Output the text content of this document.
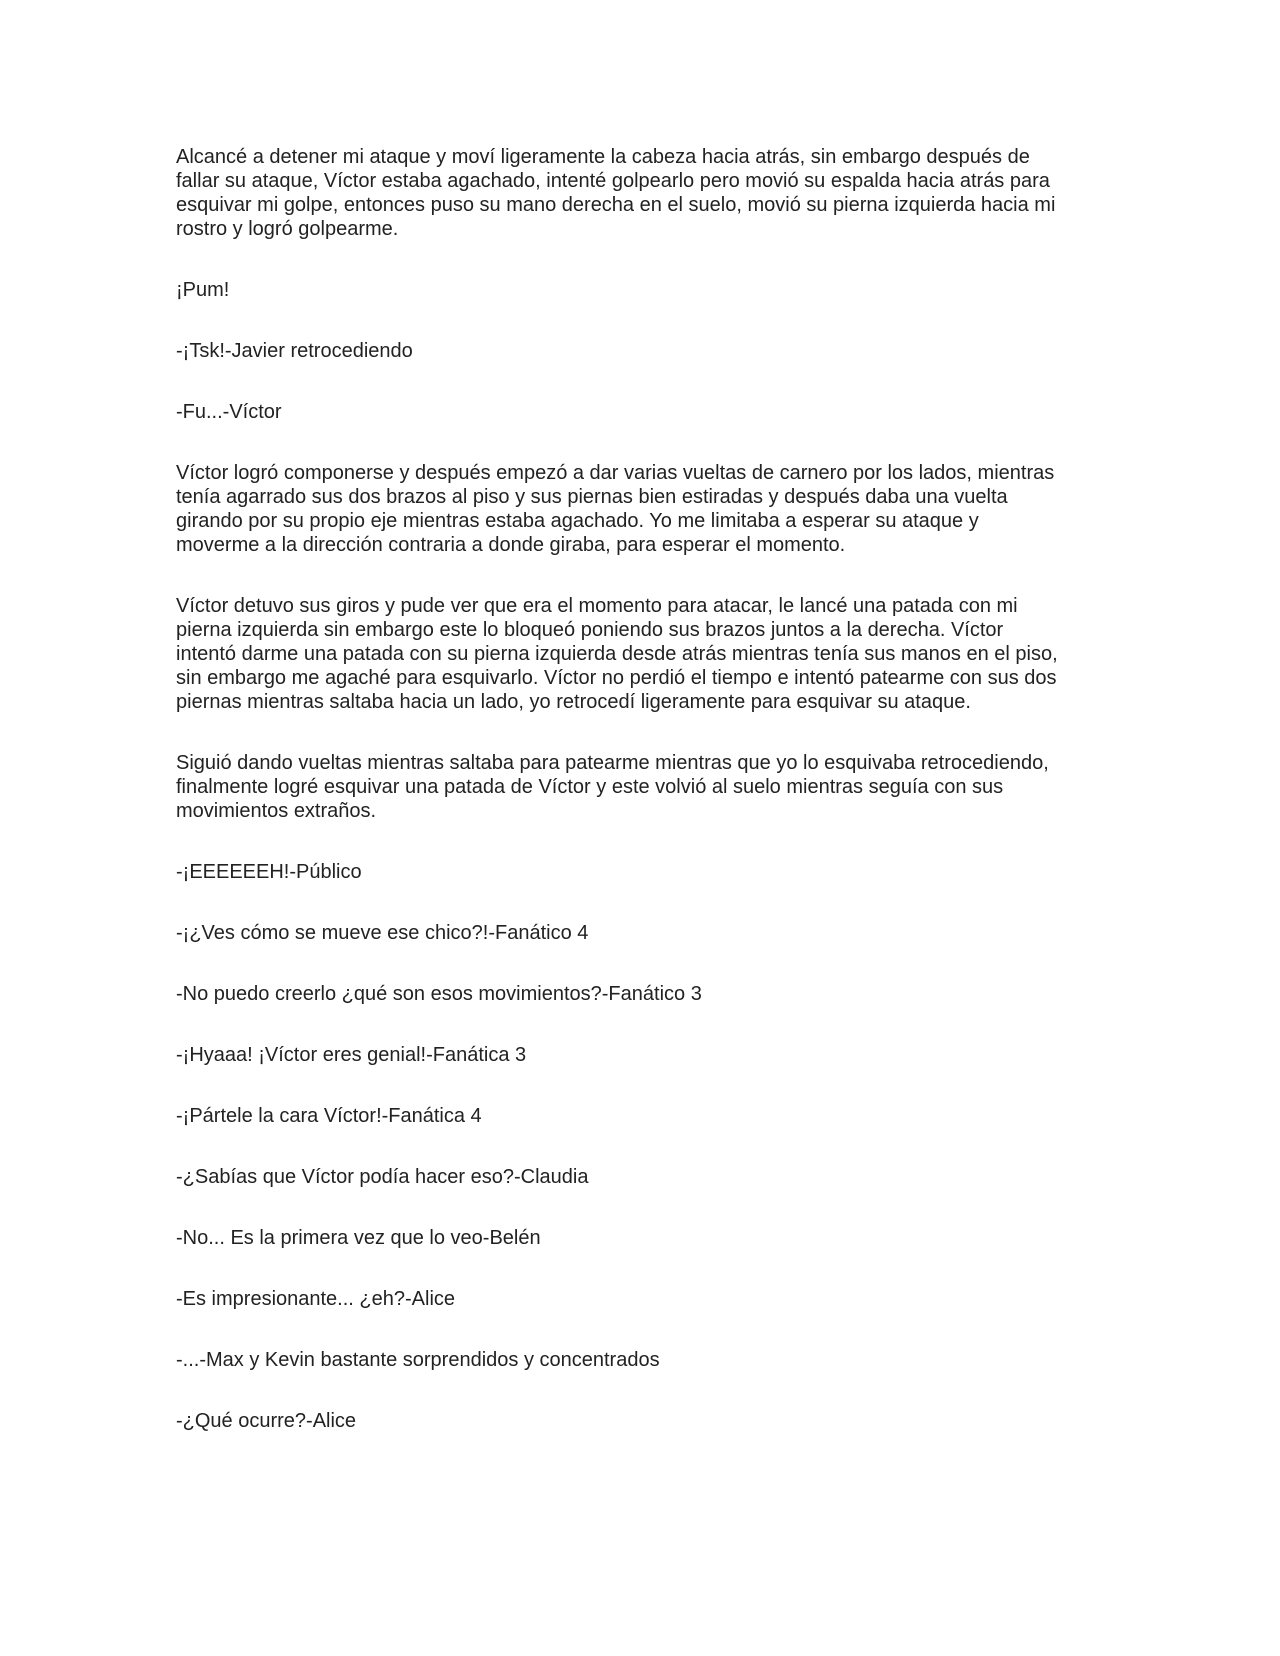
Alcancé a detener mi ataque y moví ligeramente la cabeza hacia atrás, sin embargo después de
fallar su ataque, Víctor estaba agachado, intenté golpearlo pero movió su espalda hacia atrás para
esquivar mi golpe, entonces puso su mano derecha en el suelo, movió su pierna izquierda hacia mi
rostro y logró golpearme.

¡Pum!

-¡Tsk!-Javier retrocediendo

-Fu...-Víctor

Víctor logró componerse y después empezó a dar varias vueltas de carnero por los lados, mientras
tenía agarrado sus dos brazos al piso y sus piernas bien estiradas y después daba una vuelta
girando por su propio eje mientras estaba agachado. Yo me limitaba a esperar su ataque y
moverme a la dirección contraria a donde giraba, para esperar el momento.

Víctor detuvo sus giros y pude ver que era el momento para atacar, le lancé una patada con mi
pierna izquierda sin embargo este lo bloqueó poniendo sus brazos juntos a la derecha. Víctor
intentó darme una patada con su pierna izquierda desde atrás mientras tenía sus manos en el piso,
sin embargo me agaché para esquivarlo. Víctor no perdió el tiempo e intentó patearme con sus dos
piernas mientras saltaba hacia un lado, yo retrocedí ligeramente para esquivar su ataque.

Siguió dando vueltas mientras saltaba para patearme mientras que yo lo esquivaba retrocediendo,
finalmente logré esquivar una patada de Víctor y este volvió al suelo mientras seguía con sus
movimientos extraños.

-¡EEEEEEH!-Público

-¡¿Ves cómo se mueve ese chico?!-Fanático 4

-No puedo creerlo ¿qué son esos movimientos?-Fanático 3

-¡Hyaaa! ¡Víctor eres genial!-Fanática 3

-¡Pártele la cara Víctor!-Fanática 4

-¿Sabías que Víctor podía hacer eso?-Claudia

-No... Es la primera vez que lo veo-Belén

-Es impresionante... ¿eh?-Alice

-...-Max y Kevin bastante sorprendidos y concentrados

-¿Qué ocurre?-Alice
